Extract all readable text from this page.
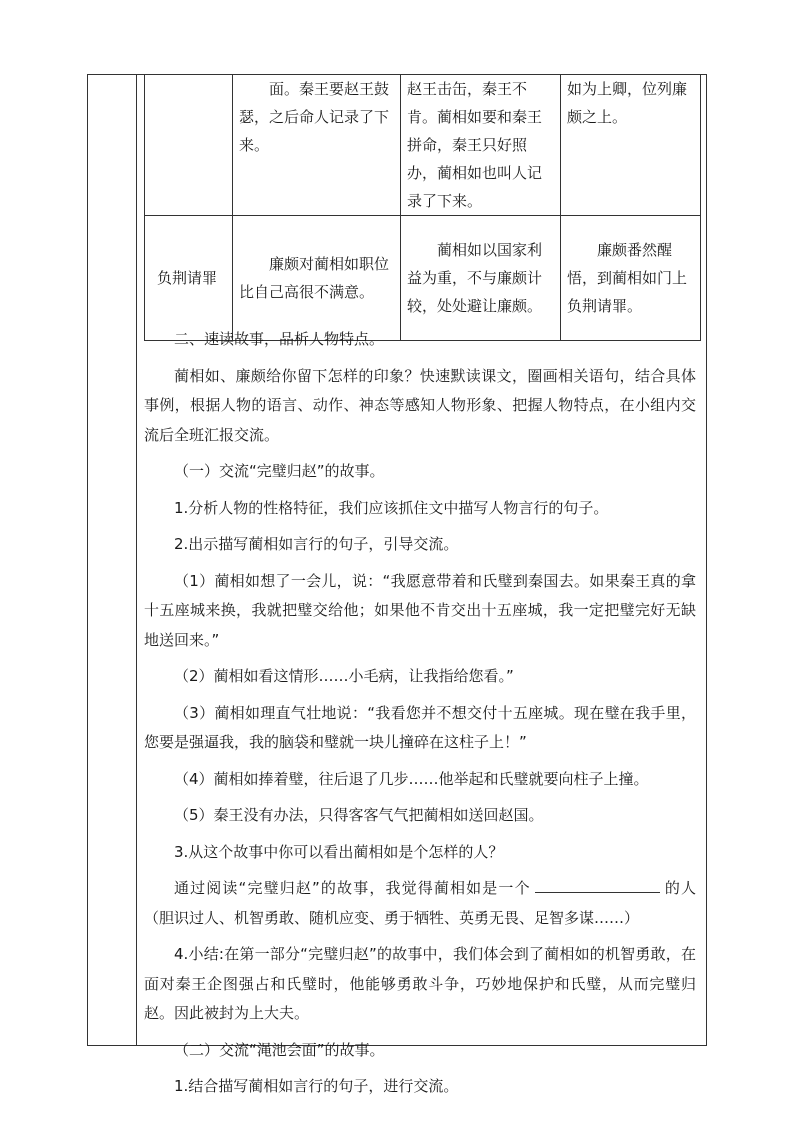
	面。秦王要赵王鼓瑟，之后命人记录了下来。	赵王击缶，秦王不肯。蔺相如要和秦王拼命，秦王只好照办，蔺相如也叫人记录了下来。	如为上卿，位列廉颇之上。

负荆请罪	廉颇对蔺相如职位比自己高很不满意。	蔺相如以国家利益为重，不与廉颇计较，处处避让廉颇。	廉颇番然醒悟，到蔺相如门上负荆请罪。

二、速读故事，品析人物特点。

蔺相如、廉颇给你留下怎样的印象？快速默读课文，圈画相关语句，结合具体事例，根据人物的语言、动作、神态等感知人物形象、把握人物特点，在小组内交流后全班汇报交流。

（一）交流“完璧归赵”的故事。

1.分析人物的性格特征，我们应该抓住文中描写人物言行的句子。

2.出示描写蔺相如言行的句子，引导交流。

（1）蔺相如想了一会儿，说：“我愿意带着和氏璧到秦国去。如果秦王真的拿十五座城来换，我就把璧交给他；如果他不肯交出十五座城，我一定把璧完好无缺地送回来。”

（2）蔺相如看这情形……小毛病，让我指给您看。”

（3）蔺相如理直气壮地说：“我看您并不想交付十五座城。现在璧在我手里，您要是强逼我，我的脑袋和璧就一块儿撞碎在这柱子上！”

（4）蔺相如捧着璧，往后退了几步……他举起和氏璧就要向柱子上撞。

（5）秦王没有办法，只得客客气气把蔺相如送回赵国。

3.从这个故事中你可以看出蔺相如是个怎样的人？

通过阅读“完璧归赵”的故事，我觉得蔺相如是一个	的人（胆识过人、机智勇敢、随机应变、勇于牺牲、英勇无畏、足智多谋……）

4.小结:在第一部分“完璧归赵”的故事中，我们体会到了蔺相如的机智勇敢，在面对秦王企图强占和氏璧时，他能够勇敢斗争，巧妙地保护和氏璧，从而完璧归赵。因此被封为上大夫。

（二）交流“渑池会面”的故事。

1.结合描写蔺相如言行的句子，进行交流。
